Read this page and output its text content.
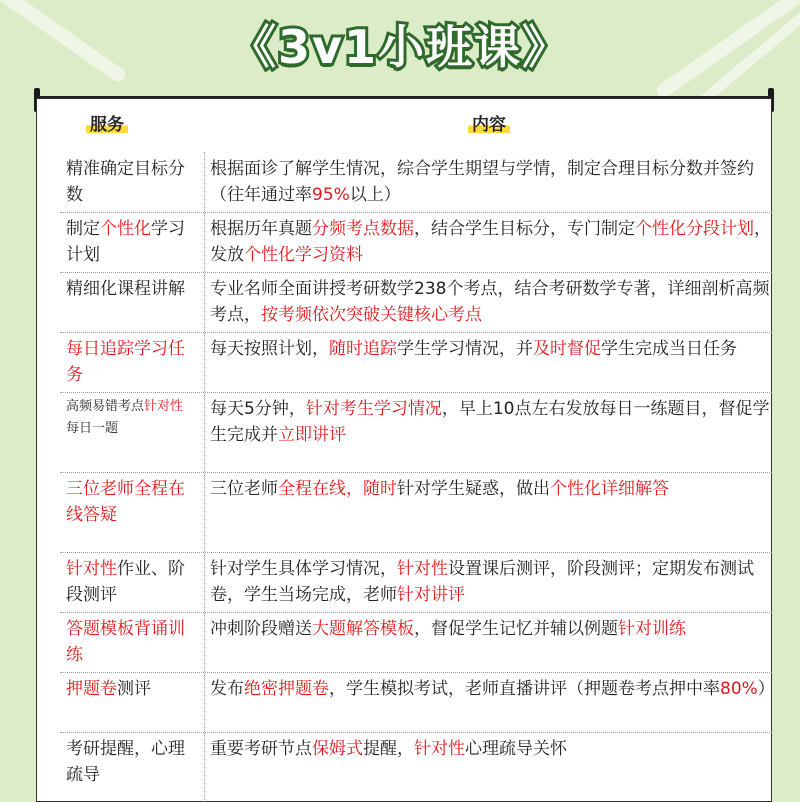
《3v1小班课》
服务	内容
精准确定目标分数
根据面诊了解学生情况，综合学生期望与学情，制定合理目标分数并签约（往年通过率95%以上）
制定个性化学习计划
根据历年真题分频考点数据，结合学生目标分，专门制定个性化分段计划，发放个性化学习资料
精细化课程讲解 专业名师全面讲授考研数学238个考点，结合考研数学专著，详细剖析高频考点，按考频依次突破关键核心考点
每日追踪学习任务
每天按照计划，随时追踪学生学习情况，并及时督促学生完成当日任务
高频易错考点针对性每日一题
每天5分钟，针对考生学习情况，早上10点左右发放每日一练题目，督促学生完成并立即讲评
三位老师全程在线答疑
三位老师全程在线，随时针对学生疑惑，做出个性化详细解答
针对性作业、阶段测评
针对学生具体学习情况，针对性设置课后测评，阶段测评；定期发布测试卷，学生当场完成，老师针对讲评
答题模板背诵训练
冲刺阶段赠送大题解答模板，督促学生记忆并辅以例题针对训练
押题卷测评	发布绝密押题卷，学生模拟考试，老师直播讲评（押题卷考点押中率80%）
考研提醒，心理疏导
重要考研节点保姆式提醒，针对性心理疏导关怀
